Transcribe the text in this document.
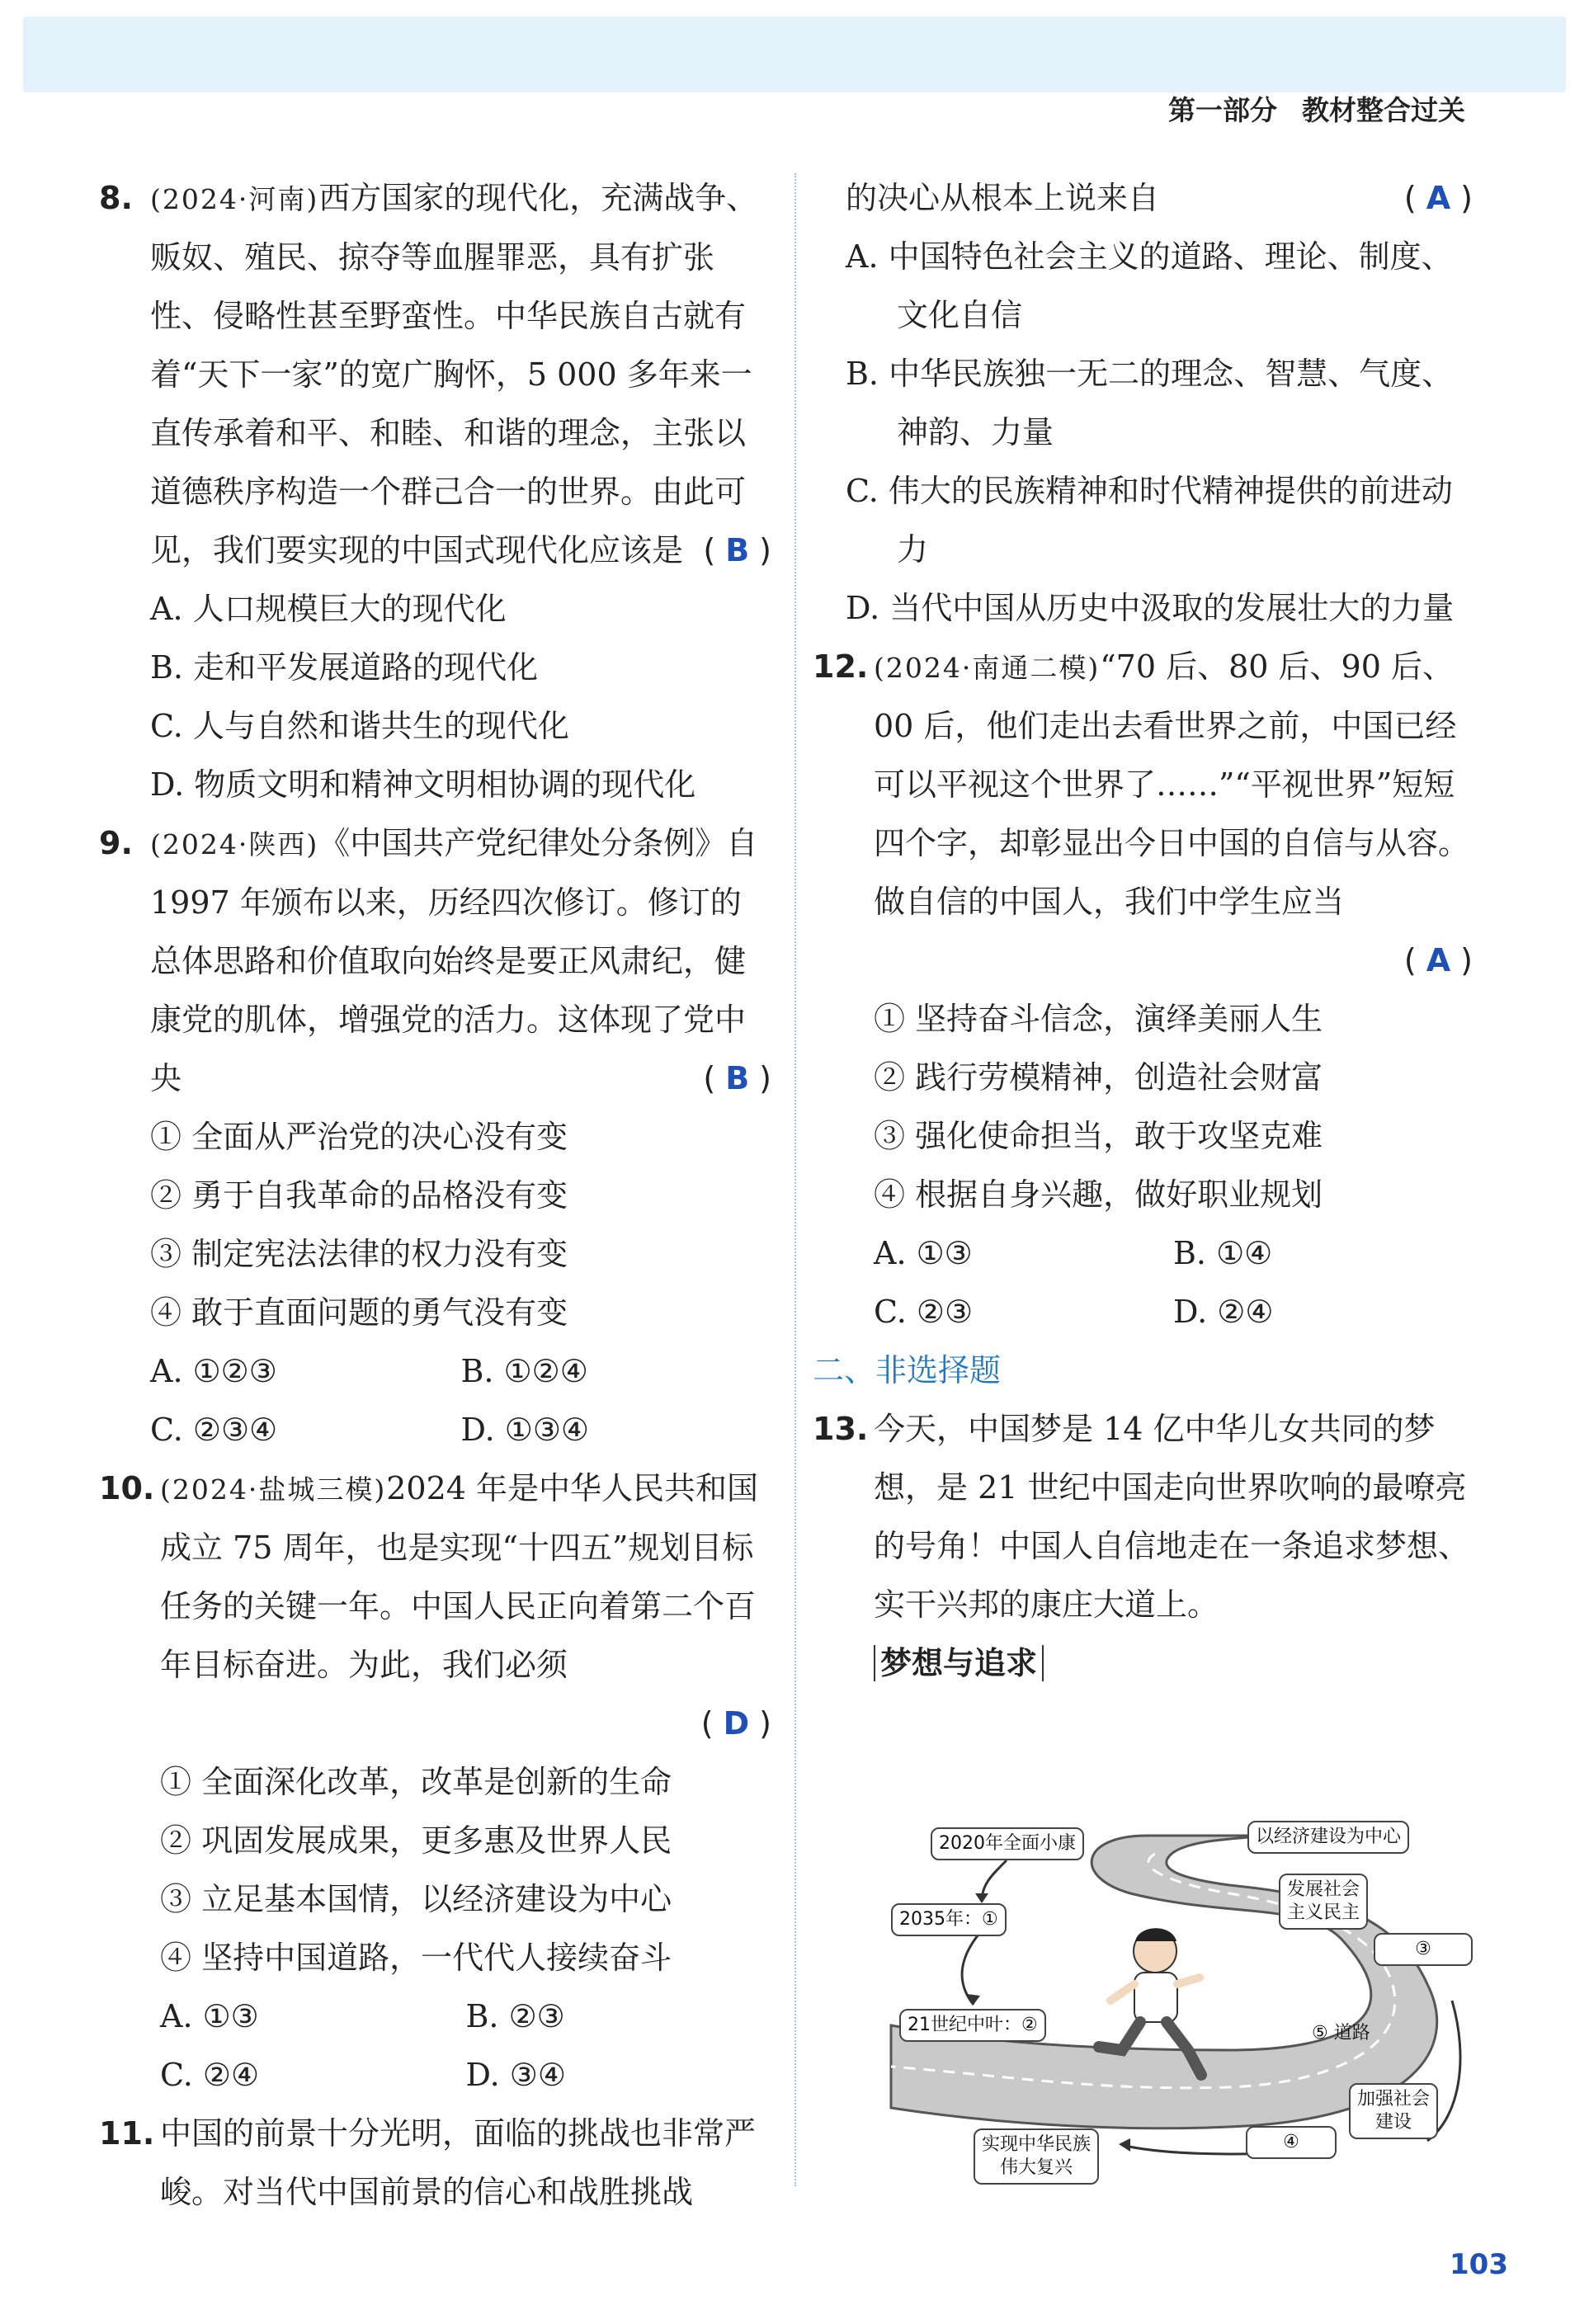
第一部分 教材整合过关
8. (2024·河南)西方国家的现代化，充满战争、贩奴、殖民、掠夺等血腥罪恶，具有扩张性、侵略性甚至野蛮性。中华民族自古就有着“天下一家”的宽广胸怀，5 000 多年来一直传承着和平、和睦、和谐的理念，主张以道德秩序构造一个群己合一的世界。由此可见，我们要实现的中国式现代化应该是 ( B )
A. 人口规模巨大的现代化
B. 走和平发展道路的现代化
C. 人与自然和谐共生的现代化
D. 物质文明和精神文明相协调的现代化
9. (2024·陕西)《中国共产党纪律处分条例》自 1997 年颁布以来，历经四次修订。修订的总体思路和价值取向始终是要正风肃纪，健康党的肌体，增强党的活力。这体现了党中央	( B )
① 全面从严治党的决心没有变
② 勇于自我革命的品格没有变
③ 制定宪法法律的权力没有变
④ 敢于直面问题的勇气没有变
A. ①②③	B. ①②④
C. ②③④	D. ①③④
10. (2024·盐城三模)2024 年是中华人民共和国成立 75 周年，也是实现“十四五”规划目标任务的关键一年。中国人民正向着第二个百年目标奋进。为此，我们必须
( D )
① 全面深化改革，改革是创新的生命
② 巩固发展成果，更多惠及世界人民
③ 立足基本国情，以经济建设为中心
④ 坚持中国道路，一代代人接续奋斗
A. ①③	B. ②③
C. ②④	D. ③④
11. 中国的前景十分光明，面临的挑战也非常严峻。对当代中国前景的信心和战胜挑战
的决心从根本上说来自	( A )
A. 中国特色社会主义的道路、理论、制度、文化自信
B. 中华民族独一无二的理念、智慧、气度、神韵、力量
C. 伟大的民族精神和时代精神提供的前进动力
D. 当代中国从历史中汲取的发展壮大的力量
12. (2024·南通二模)“70 后、80 后、90 后、00 后，他们走出去看世界之前，中国已经可以平视这个世界了……”“平视世界”短短四个字，却彰显出今日中国的自信与从容。做自信的中国人，我们中学生应当
( A )
① 坚持奋斗信念，演绎美丽人生
② 践行劳模精神，创造社会财富
③ 强化使命担当，敢于攻坚克难
④ 根据自身兴趣，做好职业规划
A. ①③	B. ①④
C. ②③	D. ②④
二、非选择题
13. 今天，中国梦是 14 亿中华儿女共同的梦想，是 21 世纪中国走向世界吹响的最嘹亮的号角！中国人自信地走在一条追求梦想、实干兴邦的康庄大道上。
梦想与追求
2020年全面小康	以经济建设为中心
发展社会
主义民主
③
2035年：①
21世纪中叶：②	⑤ 道路
加强社会
建设
④
实现中华民族
伟大复兴
103
